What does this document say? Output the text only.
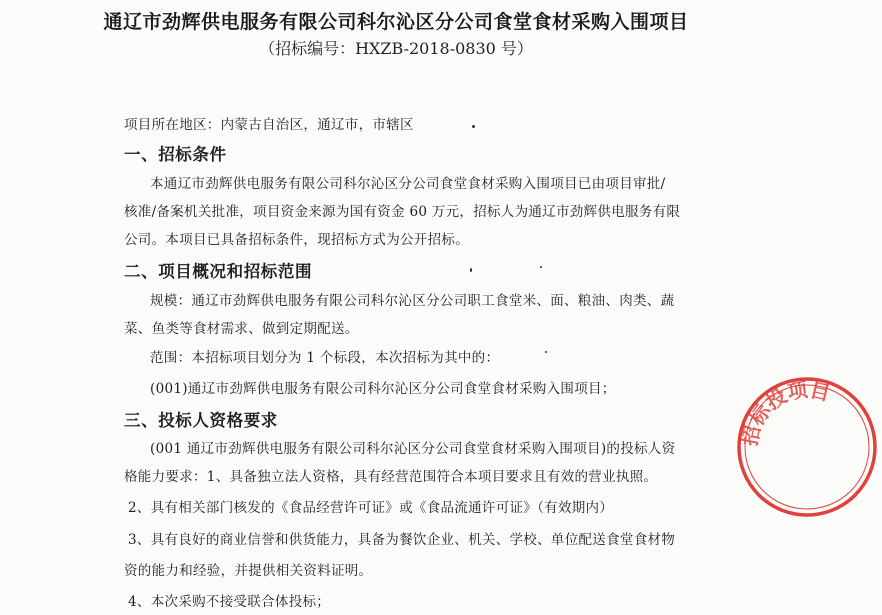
通辽市劲辉供电服务有限公司科尔沁区分公司食堂食材采购入围项目
（招标编号：HXZB-2018-0830 号）
项目所在地区：内蒙古自治区，通辽市，市辖区
一、招标条件
本通辽市劲辉供电服务有限公司科尔沁区分公司食堂食材采购入围项目已由项目审批/
核准/备案机关批准，项目资金来源为国有资金 60 万元，招标人为通辽市劲辉供电服务有限
公司。本项目已具备招标条件，现招标方式为公开招标。
二、项目概况和招标范围
规模：通辽市劲辉供电服务有限公司科尔沁区分公司职工食堂米、面、粮油、肉类、蔬
菜、鱼类等食材需求、做到定期配送。
范围：本招标项目划分为 1 个标段，本次招标为其中的：
(001)通辽市劲辉供电服务有限公司科尔沁区分公司食堂食材采购入围项目；
三、投标人资格要求
(001 通辽市劲辉供电服务有限公司科尔沁区分公司食堂食材采购入围项目)的投标人资
格能力要求：1、具备独立法人资格，具有经营范围符合本项目要求且有效的营业执照。
2、具有相关部门核发的《食品经营许可证》或《食品流通许可证》（有效期内）
3、具有良好的商业信誉和供货能力，具备为餐饮企业、机关、学校、单位配送食堂食材物
资的能力和经验，并提供相关资料证明。
4、本次采购不接受联合体投标；
招标投项目
